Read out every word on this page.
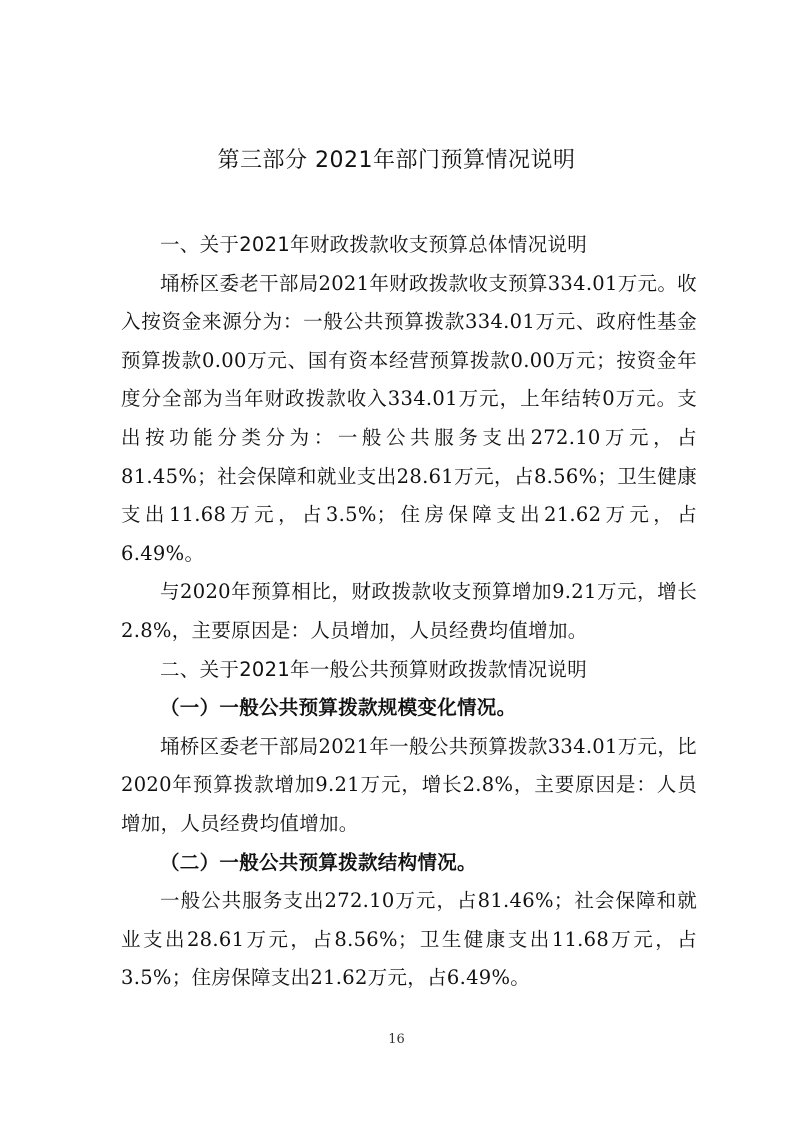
第三部分 2021年部门预算情况说明

一、关于2021年财政拨款收支预算总体情况说明

埇桥区委老干部局2021年财政拨款收支预算334.01万元。收入按资金来源分为：一般公共预算拨款334.01万元、政府性基金预算拨款0.00万元、国有资本经营预算拨款0.00万元；按资金年度分全部为当年财政拨款收入334.01万元，上年结转0万元。支出按功能分类分为：一般公共服务支出272.10万元，占81.45%；社会保障和就业支出28.61万元，占8.56%；卫生健康支出11.68万元，占3.5%；住房保障支出21.62万元，占6.49%。

与2020年预算相比，财政拨款收支预算增加9.21万元，增长2.8%，主要原因是：人员增加，人员经费均值增加。

二、关于2021年一般公共预算财政拨款情况说明

（一）一般公共预算拨款规模变化情况。

埇桥区委老干部局2021年一般公共预算拨款334.01万元，比2020年预算拨款增加9.21万元，增长2.8%，主要原因是：人员增加，人员经费均值增加。

（二）一般公共预算拨款结构情况。

一般公共服务支出272.10万元，占81.46%；社会保障和就业支出28.61万元，占8.56%；卫生健康支出11.68万元，占3.5%；住房保障支出21.62万元，占6.49%。

16
